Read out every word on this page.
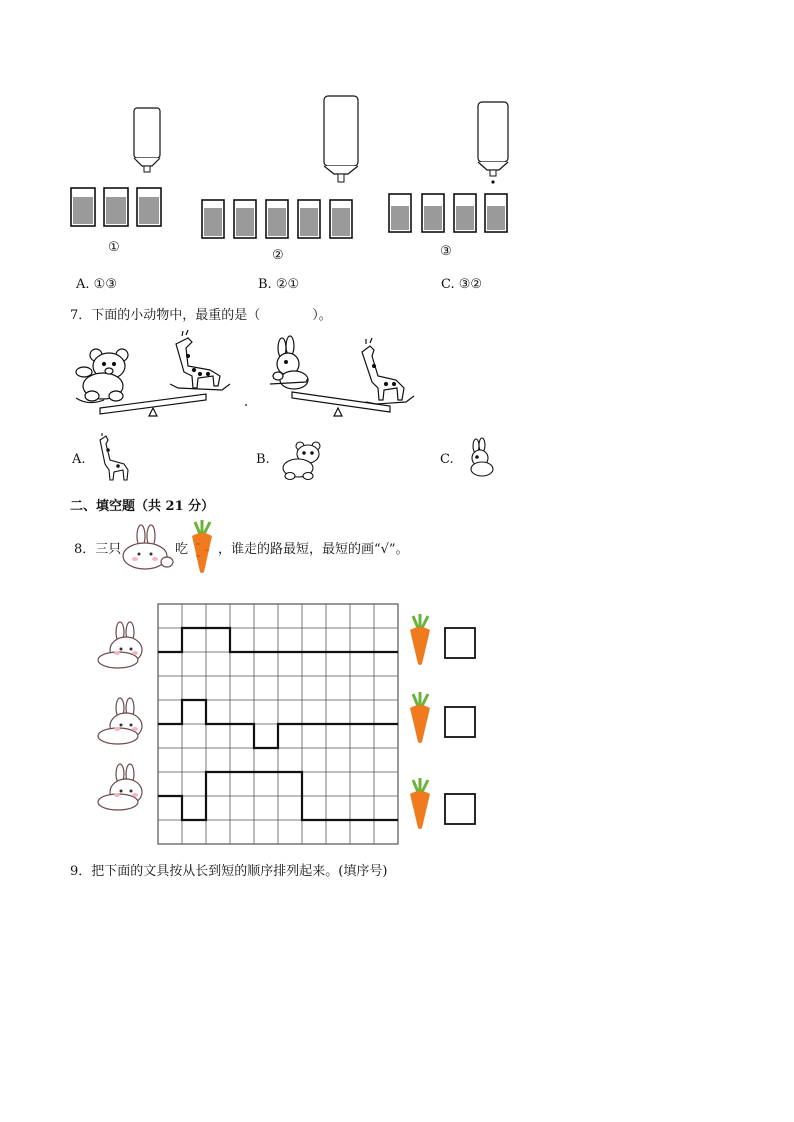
①
②	③
A. ①③	B. ②①	C. ③②
7．下面的小动物中，最重的是（　　　　）。
A.	B.	C.
二、填空题（共 21 分）
8．三只	吃 ，谁走的路最短，最短的画“√”。
9．把下面的文具按从长到短的顺序排列起来。(填序号)
